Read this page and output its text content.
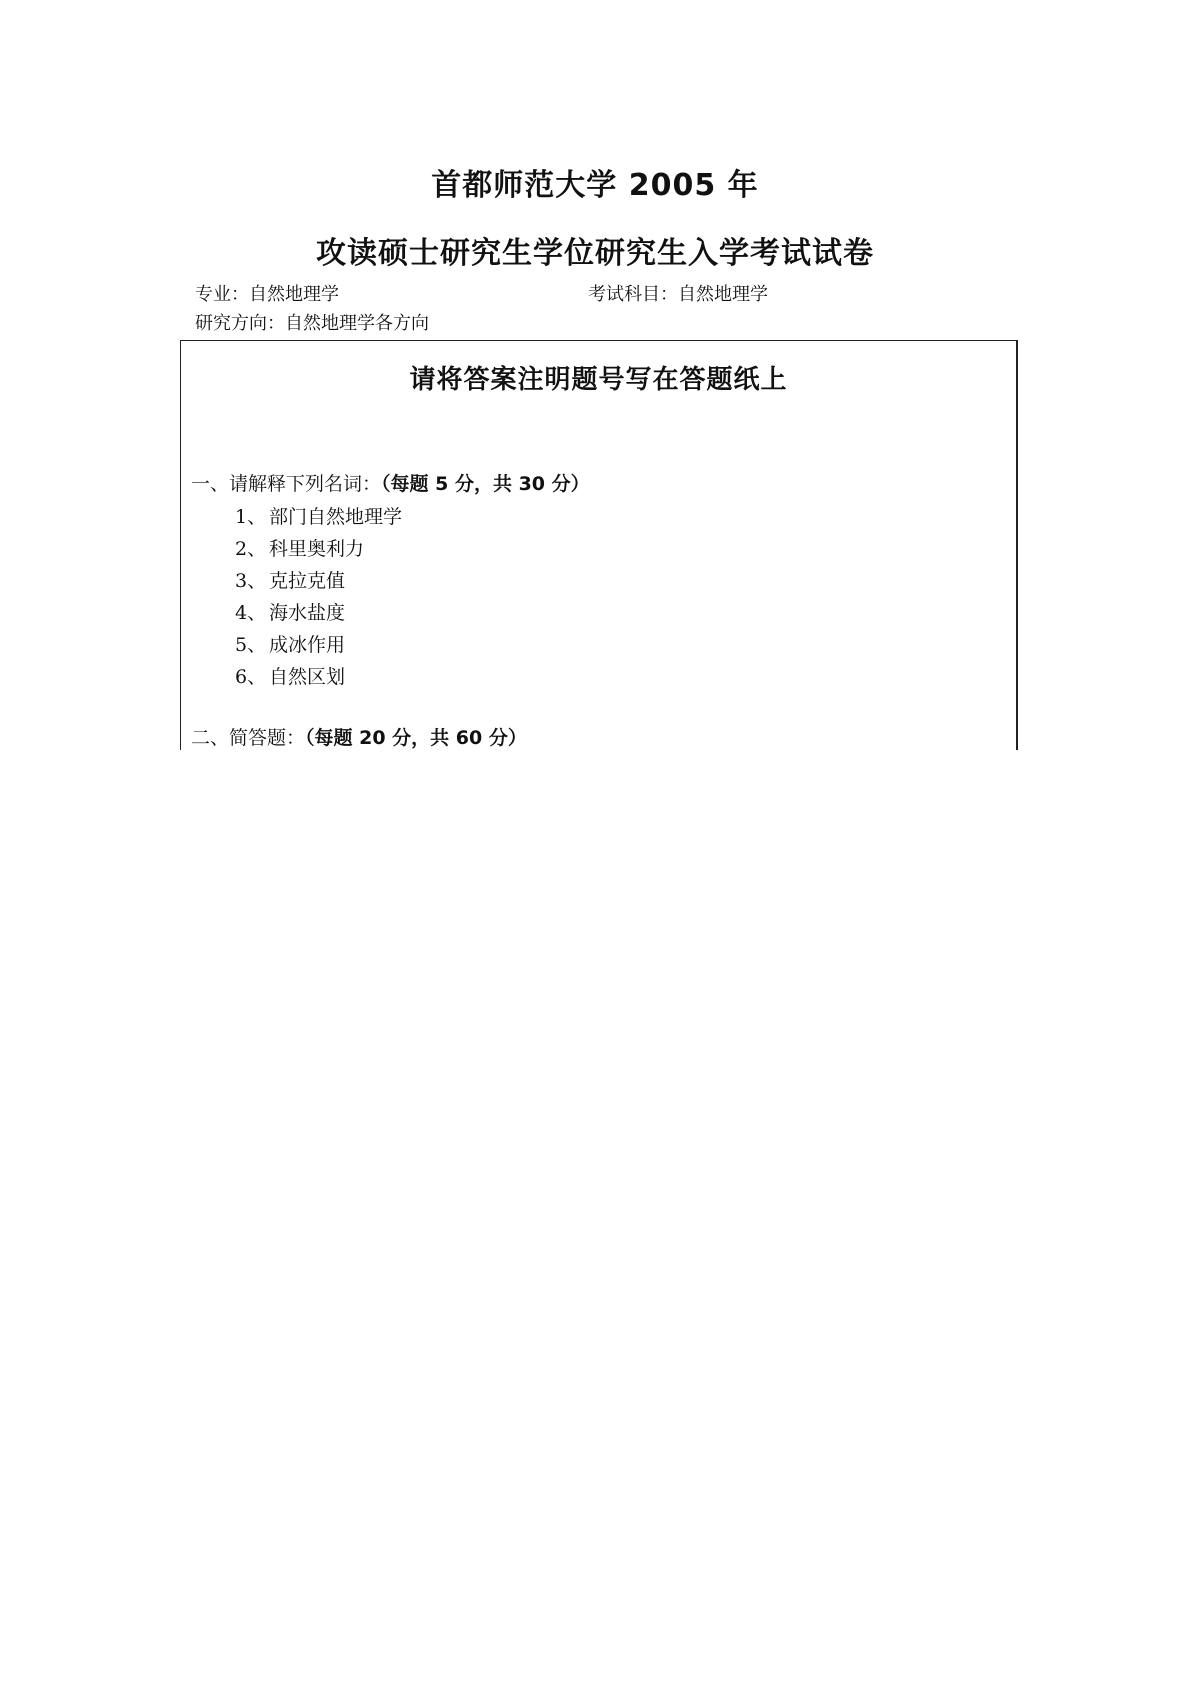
首都师范大学 2005 年
攻读硕士研究生学位研究生入学考试试卷
专业：自然地理学	考试科目：自然地理学
研究方向：自然地理学各方向
请将答案注明题号写在答题纸上
一、请解释下列名词：（每题 5 分，共 30 分）
1、 部门自然地理学
2、 科里奥利力
3、 克拉克值
4、 海水盐度
5、 成冰作用
6、 自然区划
二、简答题：（每题 20 分，共 60 分）
